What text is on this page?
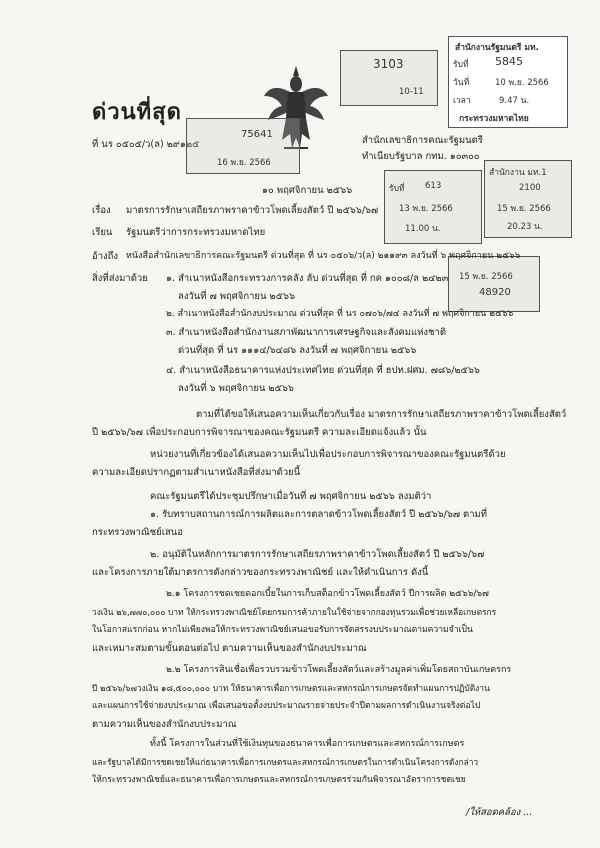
ด่วนที่สุด
ที่ นร ๐๕๐๕/ว(ล) ๒๙๑๒๕	สำนักเลขาธิการคณะรัฐมนตรี
ทำเนียบรัฐบาล กทม. ๑๐๓๐๐
๑๐ พฤศจิกายน ๒๕๖๖
สำนักงานรัฐมนตรี มท.
รับที่ 5845
วันที่	10 พ.ย. 2566
เวลา	9.47 น.
กระทรวงมหาดไทย
3103
10-11
75641
16 พ.ย. 2566
รับที่ 613
13 พ.ย. 2566
11.00 น.
สำนักงาน มท.1
2100
15 พ.ย. 2566
20.23 น.
15 พ.ย. 2566
48920
เรื่อง มาตรการรักษาเสถียรภาพราคาข้าวโพดเลี้ยงสัตว์ ปี ๒๕๖๖/๖๗
เรียน รัฐมนตรีว่าการกระทรวงมหาดไทย
อ้างถึง หนังสือสำนักเลขาธิการคณะรัฐมนตรี ด่วนที่สุด ที่ นร ๐๕๐๖/ว(ล) ๒๑๑๙๓ ลงวันที่ ๖ พฤศจิกายน ๒๕๖๖
สิ่งที่ส่งมาด้วย ๑. สำเนาหนังสือกระทรวงการคลัง ลับ ด่วนที่สุด ที่ กค ๑๐๐๘/ล ๒๔๒๓
ลงวันที่ ๗ พฤศจิกายน ๒๕๖๖
๒. สำเนาหนังสือสำนักงบประมาณ ด่วนที่สุด ที่ นร ๐๗๐๖/๗๔ ลงวันที่ ๗ พฤศจิกายน ๒๕๖๖
๓. สำเนาหนังสือสำนักงานสภาพัฒนาการเศรษฐกิจและสังคมแห่งชาติ
ด่วนที่สุด ที่ นร ๑๑๑๔/๖๔๘๖ ลงวันที่ ๗ พฤศจิกายน ๒๕๖๖
๔. สำเนาหนังสือธนาคารแห่งประเทศไทย ด่วนที่สุด ที่ ธปท.ฝศม. ๗๘๖/๒๕๖๖
ลงวันที่ ๖ พฤศจิกายน ๒๕๖๖
ตามที่ได้ขอให้เสนอความเห็นเกี่ยวกับเรื่อง มาตรการรักษาเสถียรภาพราคาข้าวโพดเลี้ยงสัตว์
ปี ๒๕๖๖/๖๗ เพื่อประกอบการพิจารณาของคณะรัฐมนตรี ความละเอียดแจ้งแล้ว นั้น
หน่วยงานที่เกี่ยวข้องได้เสนอความเห็นไปเพื่อประกอบการพิจารณาของคณะรัฐมนตรีด้วย
ความละเอียดปรากฏตามสำเนาหนังสือที่ส่งมาด้วยนี้
คณะรัฐมนตรีได้ประชุมปรึกษาเมื่อวันที่ ๗ พฤศจิกายน ๒๕๖๖ ลงมติว่า
๑. รับทราบสถานการณ์การผลิตและการตลาดข้าวโพดเลี้ยงสัตว์ ปี ๒๕๖๖/๖๗ ตามที่
กระทรวงพาณิชย์เสนอ
๒. อนุมัติในหลักการมาตรการรักษาเสถียรภาพราคาข้าวโพดเลี้ยงสัตว์ ปี ๒๕๖๖/๖๗
และโครงการภายใต้มาตรการดังกล่าวของกระทรวงพาณิชย์ และให้ดำเนินการ ดังนี้
๒.๑ โครงการชดเชยดอกเบี้ยในการเก็บสต็อกข้าวโพดเลี้ยงสัตว์ ปีการผลิต ๒๕๖๖/๖๗
วงเงิน ๒๖,๗๗๐,๐๐๐ บาท ให้กระทรวงพาณิชย์โดยกรมการค้าภายในใช้จ่ายจากกองทุนรวมเพื่อช่วยเหลือเกษตรกร
ในโอกาสแรกก่อน หากไม่เพียงพอให้กระทรวงพาณิชย์เสนอขอรับการจัดสรรงบประมาณตามความจำเป็น
และเหมาะสมตามขั้นตอนต่อไป ตามความเห็นของสำนักงบประมาณ
๒.๒ โครงการสินเชื่อเพื่อรวบรวมข้าวโพดเลี้ยงสัตว์และสร้างมูลค่าเพิ่มโดยสถาบันเกษตรกร
ปี ๒๕๖๖/๖๗วงเงิน ๑๘,๕๐๐,๐๐๐ บาท ให้ธนาคารเพื่อการเกษตรและสหกรณ์การเกษตรจัดทำแผนการปฏิบัติงาน
และแผนการใช้จ่ายงบประมาณ เพื่อเสนอขอตั้งงบประมาณรายจ่ายประจำปีตามผลการดำเนินงานจริงต่อไป
ตามความเห็นของสำนักงบประมาณ
ทั้งนี้ โครงการในส่วนที่ใช้เงินทุนของธนาคารเพื่อการเกษตรและสหกรณ์การเกษตร
และรัฐบาลได้มีการชดเชยให้แก่ธนาคารเพื่อการเกษตรและสหกรณ์การเกษตรในการดำเนินโครงการดังกล่าว
ให้กระทรวงพาณิชย์และธนาคารเพื่อการเกษตรและสหกรณ์การเกษตรร่วมกันพิจารณาอัตราการชดเชย
/ให้สอดคล้อง ...
